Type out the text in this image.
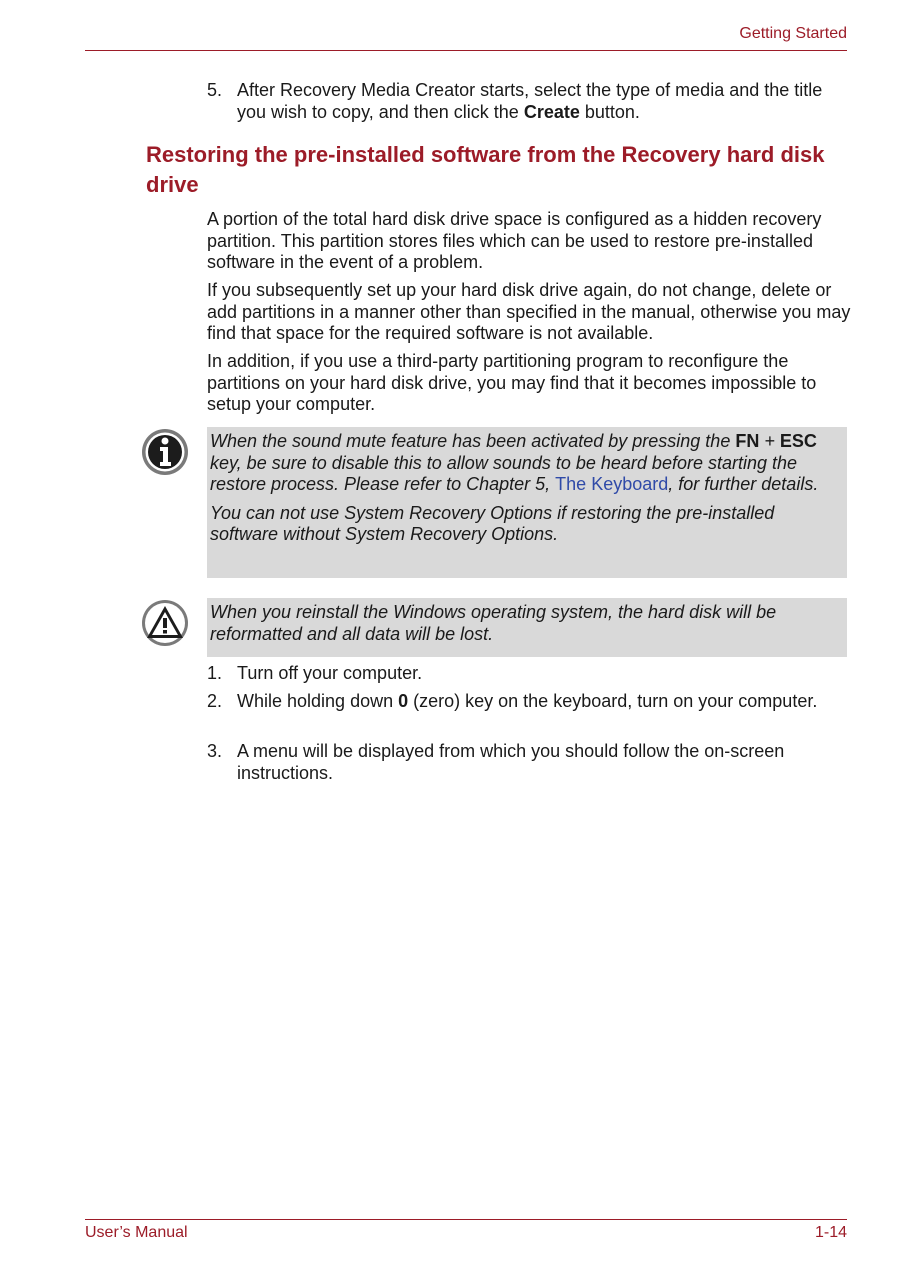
Getting Started
5. After Recovery Media Creator starts, select the type of media and the title you wish to copy, and then click the Create button.
Restoring the pre-installed software from the Recovery hard disk drive

A portion of the total hard disk drive space is configured as a hidden recovery partition. This partition stores files which can be used to restore pre-installed software in the event of a problem.

If you subsequently set up your hard disk drive again, do not change, delete or add partitions in a manner other than specified in the manual, otherwise you may find that space for the required software is not available.

In addition, if you use a third-party partitioning program to reconfigure the partitions on your hard disk drive, you may find that it becomes impossible to setup your computer.

When the sound mute feature has been activated by pressing the FN + ESC key, be sure to disable this to allow sounds to be heard before starting the restore process. Please refer to Chapter 5, The Keyboard, for further details.

You can not use System Recovery Options if restoring the pre-installed software without System Recovery Options.

When you reinstall the Windows operating system, the hard disk will be reformatted and all data will be lost.

1. Turn off your computer.
2. While holding down 0 (zero) key on the keyboard, turn on your computer.
3. A menu will be displayed from which you should follow the on-screen instructions.
User’s Manual	1-14
